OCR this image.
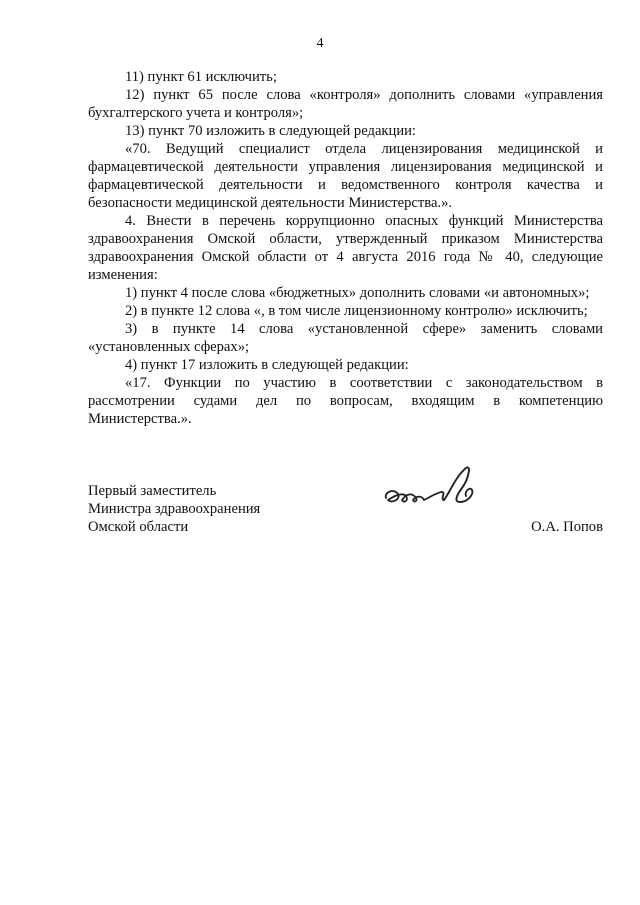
4

11) пункт 61 исключить;

12) пункт 65 после слова «контроля» дополнить словами «управления бухгалтерского учета и контроля»;

13) пункт 70 изложить в следующей редакции:

«70. Ведущий специалист отдела лицензирования медицинской и фармацевтической деятельности управления лицензирования медицинской и фармацевтической деятельности и ведомственного контроля качества и безопасности медицинской деятельности Министерства.».

4. Внести в перечень коррупционно опасных функций Министерства здравоохранения Омской области, утвержденный приказом Министерства здравоохранения Омской области от 4 августа 2016 года № 40, следующие изменения:

1) пункт 4 после слова «бюджетных» дополнить словами «и автономных»;

2) в пункте 12 слова «, в том числе лицензионному контролю» исключить;

3) в пункте 14 слова «установленной сфере» заменить словами «установленных сферах»;

4) пункт 17 изложить в следующей редакции:

«17. Функции по участию в соответствии с законодательством в рассмотрении судами дел по вопросам, входящим в компетенцию Министерства.».

Первый заместитель
Министра здравоохранения
Омской области	О.А. Попов
